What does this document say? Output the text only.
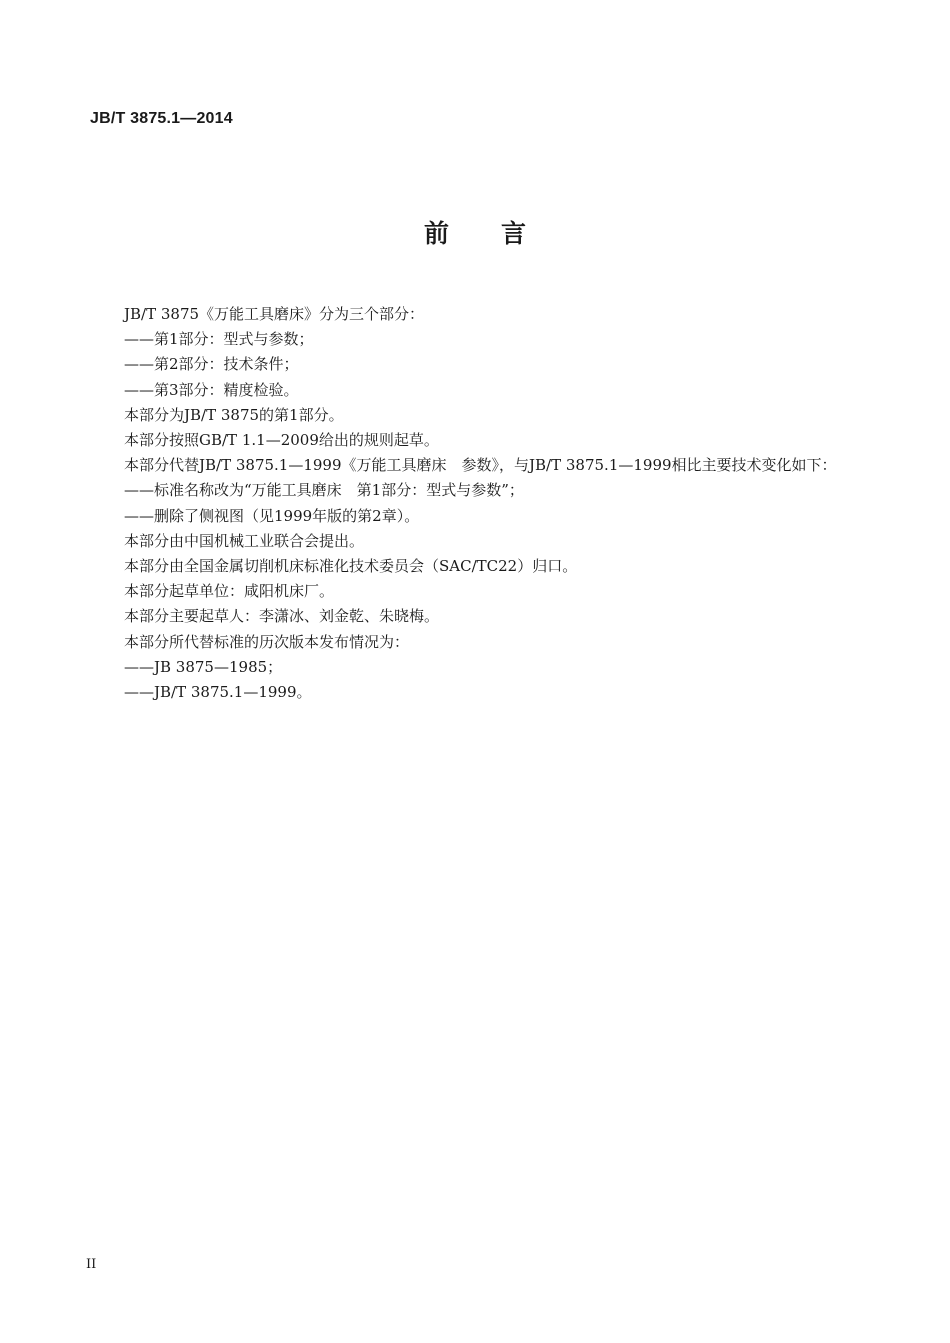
JB/T 3875.1—2014
前 言

JB/T 3875《万能工具磨床》分为三个部分：

——第1部分：型式与参数；

——第2部分：技术条件；

——第3部分：精度检验。

本部分为JB/T 3875的第1部分。

本部分按照GB/T 1.1—2009给出的规则起草。

本部分代替JB/T 3875.1—1999《万能工具磨床　参数》，与JB/T 3875.1—1999相比主要技术变化如下：

——标准名称改为“万能工具磨床　第1部分：型式与参数”；

——删除了侧视图（见1999年版的第2章）。

本部分由中国机械工业联合会提出。

本部分由全国金属切削机床标准化技术委员会（SAC/TC22）归口。

本部分起草单位：咸阳机床厂。

本部分主要起草人：李潇冰、刘金乾、朱晓梅。

本部分所代替标准的历次版本发布情况为：

——JB 3875—1985；

——JB/T 3875.1—1999。

II
